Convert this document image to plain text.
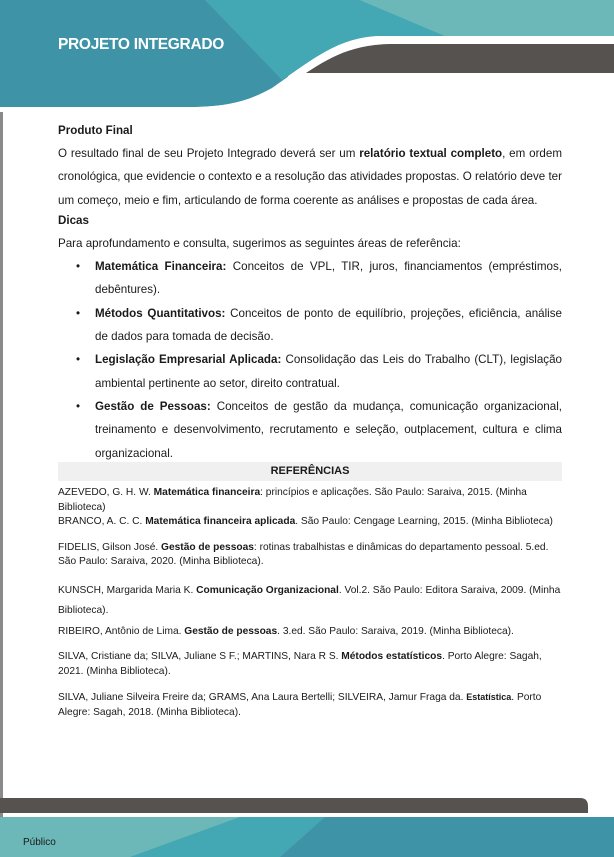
PROJETO INTEGRADO
Produto Final
O resultado final de seu Projeto Integrado deverá ser um relatório textual completo, em ordem cronológica, que evidencie o contexto e a resolução das atividades propostas. O relatório deve ter um começo, meio e fim, articulando de forma coerente as análises e propostas de cada área.
Dicas
Para aprofundamento e consulta, sugerimos as seguintes áreas de referência:
• Matemática Financeira: Conceitos de VPL, TIR, juros, financiamentos (empréstimos, debêntures).
• Métodos Quantitativos: Conceitos de ponto de equilíbrio, projeções, eficiência, análise de dados para tomada de decisão.
• Legislação Empresarial Aplicada: Consolidação das Leis do Trabalho (CLT), legislação ambiental pertinente ao setor, direito contratual.
• Gestão de Pessoas: Conceitos de gestão da mudança, comunicação organizacional, treinamento e desenvolvimento, recrutamento e seleção, outplacement, cultura e clima organizacional.
REFERÊNCIAS
AZEVEDO, G. H. W. Matemática financeira: princípios e aplicações. São Paulo: Saraiva, 2015. (Minha Biblioteca)
BRANCO, A. C. C. Matemática financeira aplicada. São Paulo: Cengage Learning, 2015. (Minha Biblioteca)
FIDELIS, Gilson José. Gestão de pessoas: rotinas trabalhistas e dinâmicas do departamento pessoal. 5.ed. São Paulo: Saraiva, 2020. (Minha Biblioteca).
KUNSCH, Margarida Maria K. Comunicação Organizacional. Vol.2. São Paulo: Editora Saraiva, 2009. (Minha Biblioteca).
RIBEIRO, Antônio de Lima. Gestão de pessoas. 3.ed. São Paulo: Saraiva, 2019. (Minha Biblioteca).
SILVA, Cristiane da; SILVA, Juliane S F.; MARTINS, Nara R S. Métodos estatísticos. Porto Alegre: Sagah, 2021. (Minha Biblioteca).
SILVA, Juliane Silveira Freire da; GRAMS, Ana Laura Bertelli; SILVEIRA, Jamur Fraga da. Estatística. Porto Alegre: Sagah, 2018. (Minha Biblioteca).
Público
